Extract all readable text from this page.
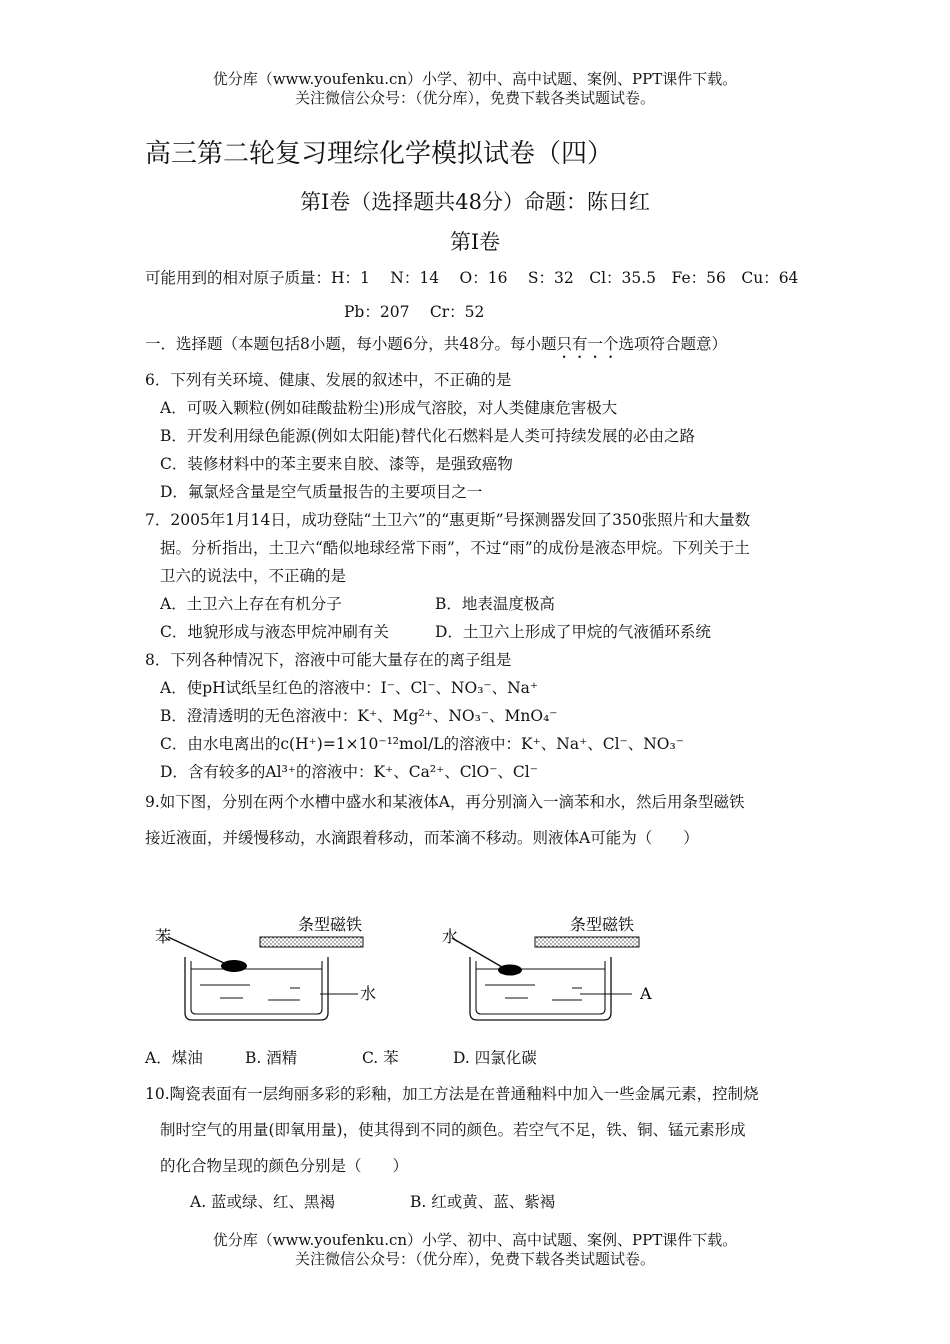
优分库（www.youfenku.cn）小学、初中、高中试题、案例、PPT课件下载。
关注微信公众号：（优分库），免费下载各类试题试卷。
高三第二轮复习理综化学模拟试卷（四）
第Ⅰ卷（选择题共48分）命题：陈日红
第Ⅰ卷
可能用到的相对原子质量：H：1　 N：14　 O：16　 S：32　Cl：35.5　Fe：56　Cu：64
Pb：207　 Cr：52
一．选择题（本题包括8小题，每小题6分，共48分。每小题只有一个选项符合题意）
6．下列有关环境、健康、发展的叙述中，不正确的是
A．可吸入颗粒(例如硅酸盐粉尘)形成气溶胶，对人类健康危害极大
B．开发利用绿色能源(例如太阳能)替代化石燃料是人类可持续发展的必由之路
C．装修材料中的苯主要来自胶、漆等，是强致癌物
D．氟氯烃含量是空气质量报告的主要项目之一
7．2005年1月14日，成功登陆“土卫六”的“惠更斯”号探测器发回了350张照片和大量数
据。分析指出，土卫六“酷似地球经常下雨”，不过“雨”的成份是液态甲烷。下列关于土
卫六的说法中，不正确的是
A．土卫六上存在有机分子	B．地表温度极高
C．地貌形成与液态甲烷冲刷有关	D．土卫六上形成了甲烷的气液循环系统
8．下列各种情况下，溶液中可能大量存在的离子组是
A．使pH试纸呈红色的溶液中：I⁻、Cl⁻、NO₃⁻、Na⁺
B．澄清透明的无色溶液中：K⁺、Mg²⁺、NO₃⁻、MnO₄⁻
C．由水电离出的c(H⁺)=1×10⁻¹²mol/L的溶液中：K⁺、Na⁺、Cl⁻、NO₃⁻
D．含有较多的Al³⁺的溶液中：K⁺、Ca²⁺、ClO⁻、Cl⁻
9.如下图，分别在两个水槽中盛水和某液体A，再分别滴入一滴苯和水，然后用条型磁铁
接近液面，并缓慢移动，水滴跟着移动，而苯滴不移动。则液体A可能为（　　）
苯
条型磁铁
水
水
条型磁铁
A
A．煤油	B. 酒精	C. 苯	D. 四氯化碳
10.陶瓷表面有一层绚丽多彩的彩釉，加工方法是在普通釉料中加入一些金属元素，控制烧
制时空气的用量(即氧用量)，使其得到不同的颜色。若空气不足，铁、铜、锰元素形成
的化合物呈现的颜色分别是（　　）
A. 蓝或绿、红、黑褐	B. 红或黄、蓝、紫褐
优分库（www.youfenku.cn）小学、初中、高中试题、案例、PPT课件下载。
关注微信公众号：（优分库），免费下载各类试题试卷。
